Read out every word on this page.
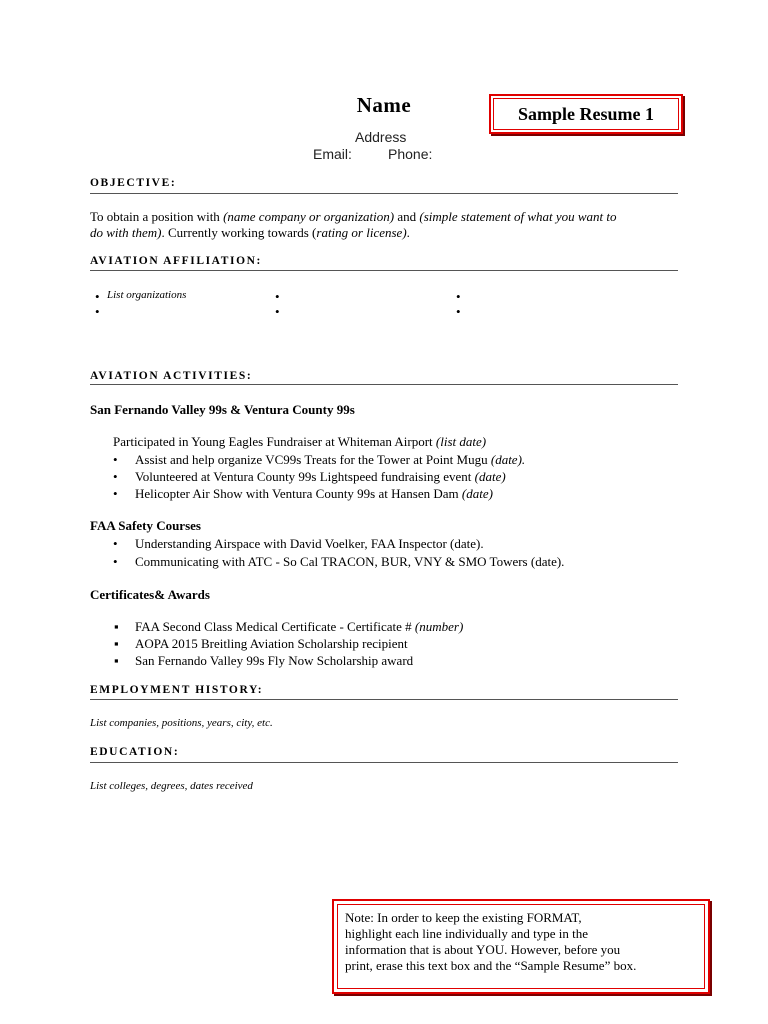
Name	Sample Resume 1
Address
Email:	Phone:
OBJECTIVE:
To obtain a position with (name company or organization) and (simple statement of what you want to
do with them). Currently working towards (rating or license).
AVIATION AFFILIATION:
• List organizations
•
•
•
•
•
AVIATION ACTIVITIES:
San Fernando Valley 99s & Ventura County 99s
Participated in Young Eagles Fundraiser at Whiteman Airport (list date)
• Assist and help organize VC99s Treats for the Tower at Point Mugu (date).
• Volunteered at Ventura County 99s Lightspeed fundraising event (date)
• Helicopter Air Show with Ventura County 99s at Hansen Dam (date)
FAA Safety Courses
• Understanding Airspace with David Voelker, FAA Inspector (date).
• Communicating with ATC - So Cal TRACON, BUR, VNY & SMO Towers (date).
Certificates& Awards
▪ FAA Second Class Medical Certificate - Certificate # (number)
▪ AOPA 2015 Breitling Aviation Scholarship recipient
▪ San Fernando Valley 99s Fly Now Scholarship award
EMPLOYMENT HISTORY:
List companies, positions, years, city, etc.
EDUCATION:
List colleges, degrees, dates received
Note: In order to keep the existing FORMAT,
highlight each line individually and type in the
information that is about YOU. However, before you
print, erase this text box and the “Sample Resume” box.
